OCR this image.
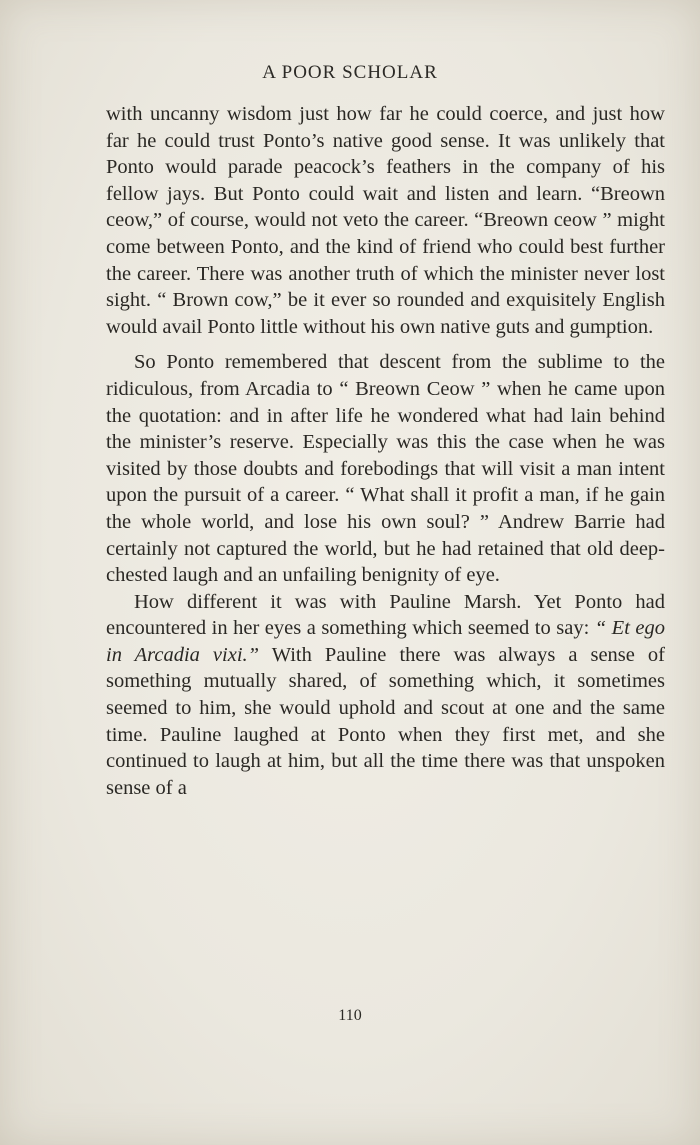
A POOR SCHOLAR

with uncanny wisdom just how far he could coerce, and just how far he could trust Ponto’s native good sense. It was unlikely that Ponto would parade peacock’s feathers in the company of his fellow jays. But Ponto could wait and listen and learn. “Breown ceow,” of course, would not veto the career. “Breown ceow ” might come between Ponto, and the kind of friend who could best further the career. There was another truth of which the minister never lost sight. “ Brown cow,” be it ever so rounded and exquisitely English would avail Ponto little without his own native guts and gumption.

So Ponto remembered that descent from the sublime to the ridiculous, from Arcadia to “ Breown Ceow ” when he came upon the quotation: and in after life he wondered what had lain behind the minister’s reserve. Especially was this the case when he was visited by those doubts and forebodings that will visit a man intent upon the pursuit of a career. “ What shall it profit a man, if he gain the whole world, and lose his own soul? ” Andrew Barrie had certainly not captured the world, but he had retained that old deep-chested laugh and an unfailing benignity of eye.

How different it was with Pauline Marsh. Yet Ponto had encountered in her eyes a something which seemed to say: “ Et ego in Arcadia vixi.” With Pauline there was always a sense of something mutually shared, of something which, it sometimes seemed to him, she would uphold and scout at one and the same time. Pauline laughed at Ponto when they first met, and she continued to laugh at him, but all the time there was that unspoken sense of a

110
